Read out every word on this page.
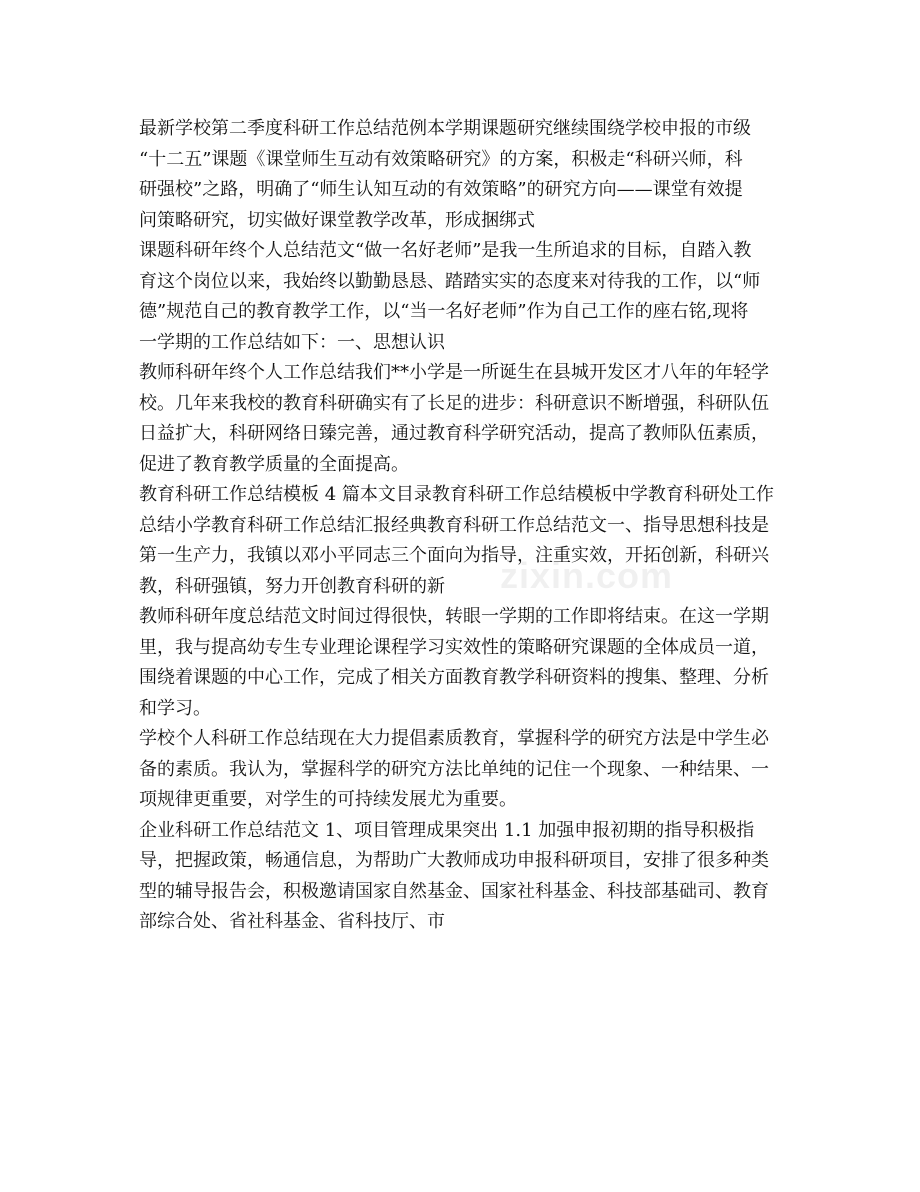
zixin.com

最新学校第二季度科研工作总结范例本学期课题研究继续围绕学校申报的市级
“十二五”课题《课堂师生互动有效策略研究》的方案，积极走“科研兴师，科
研强校”之路，明确了“师生认知互动的有效策略”的研究方向——课堂有效提
问策略研究，切实做好课堂教学改革，形成捆绑式

课题科研年终个人总结范文“做一名好老师”是我一生所追求的目标，自踏入教
育这个岗位以来，我始终以勤勤恳恳、踏踏实实的态度来对待我的工作，以“师
德”规范自己的教育教学工作，以“当一名好老师”作为自己工作的座右铭,现将
一学期的工作总结如下：一、思想认识

教师科研年终个人工作总结我们**小学是一所诞生在县城开发区才八年的年轻学
校。几年来我校的教育科研确实有了长足的进步：科研意识不断增强，科研队伍
日益扩大，科研网络日臻完善，通过教育科学研究活动，提高了教师队伍素质，
促进了教育教学质量的全面提高。

教育科研工作总结模板 4 篇本文目录教育科研工作总结模板中学教育科研处工作
总结小学教育科研工作总结汇报经典教育科研工作总结范文一、指导思想科技是
第一生产力，我镇以邓小平同志三个面向为指导，注重实效，开拓创新，科研兴
教，科研强镇，努力开创教育科研的新

教师科研年度总结范文时间过得很快，转眼一学期的工作即将结束。在这一学期
里，我与提高幼专生专业理论课程学习实效性的策略研究课题的全体成员一道，
围绕着课题的中心工作，完成了相关方面教育教学科研资料的搜集、整理、分析
和学习。

学校个人科研工作总结现在大力提倡素质教育，掌握科学的研究方法是中学生必
备的素质。我认为，掌握科学的研究方法比单纯的记住一个现象、一种结果、一
项规律更重要，对学生的可持续发展尤为重要。

企业科研工作总结范文 1、项目管理成果突出 1.1 加强申报初期的指导积极指
导，把握政策，畅通信息，为帮助广大教师成功申报科研项目，安排了很多种类
型的辅导报告会，积极邀请国家自然基金、国家社科基金、科技部基础司、教育
部综合处、省社科基金、省科技厅、市
